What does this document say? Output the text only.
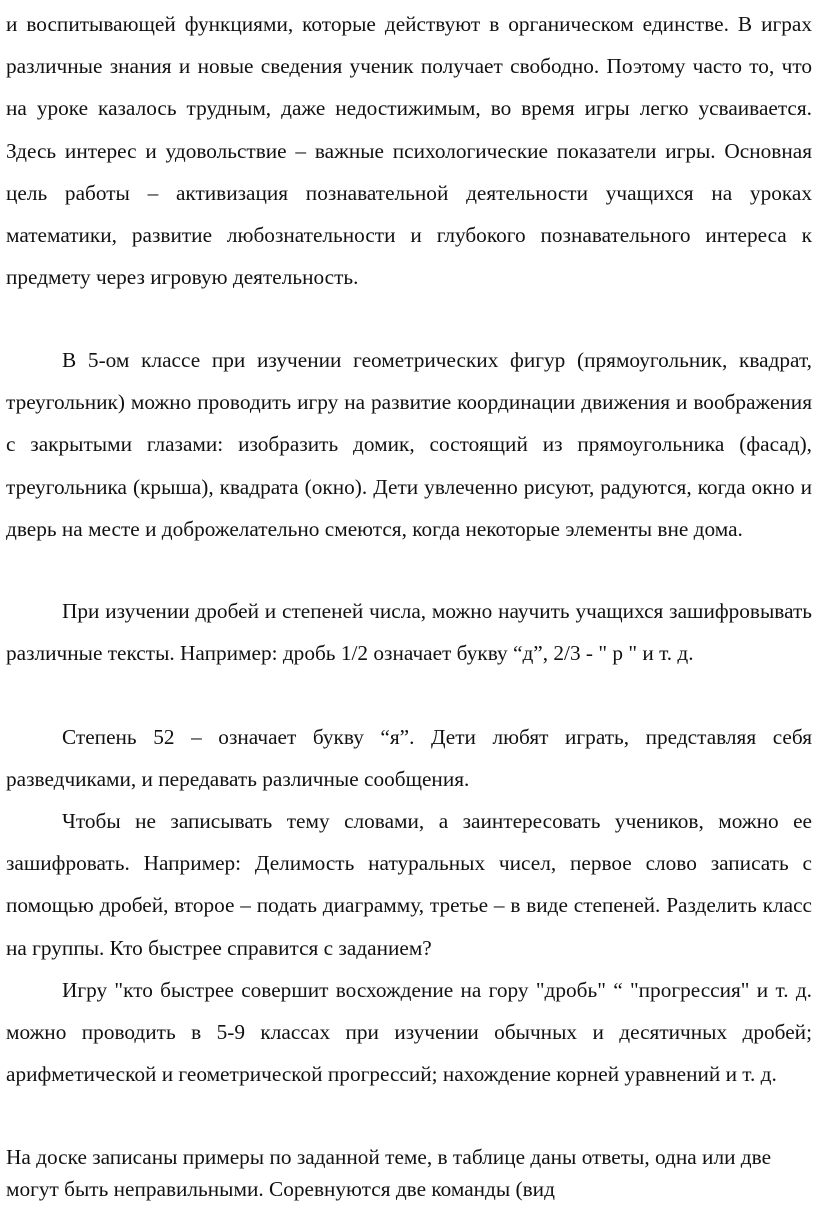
и воспитывающей функциями, которые действуют в органическом единстве. В играх различные знания и новые сведения ученик получает свободно. Поэтому часто то, что на уроке казалось трудным, даже недостижимым, во время игры легко усваивается. Здесь интерес и удовольствие – важные психологические показатели игры. Основная цель работы – активизация познавательной деятельности учащихся на уроках математики, развитие любознательности и глубокого познавательного интереса к предмету через игровую деятельность.

В 5-ом классе при изучении геометрических фигур (прямоугольник, квадрат, треугольник) можно проводить игру на развитие координации движения и воображения с закрытыми глазами: изобразить домик, состоящий из прямоугольника (фасад), треугольника (крыша), квадрата (окно). Дети увлеченно рисуют, радуются, когда окно и дверь на месте и доброжелательно смеются, когда некоторые элементы вне дома.

При изучении дробей и степеней числа, можно научить учащихся зашифровывать различные тексты. Например: дробь 1/2 означает букву “д”, 2/3 - " р " и т. д.

Степень 52 – означает букву “я”. Дети любят играть, представляя себя разведчиками, и передавать различные сообщения.

Чтобы не записывать тему словами, а заинтересовать учеников, можно ее зашифровать. Например: Делимость натуральных чисел, первое слово записать с помощью дробей, второе – подать диаграмму, третье – в виде степеней. Разделить класс на группы. Кто быстрее справится с заданием?

Игру "кто быстрее совершит восхождение на гору "дробь" “ "прогрессия" и т. д. можно проводить в 5-9 классах при изучении обычных и десятичных дробей; арифметической и геометрической прогрессий; нахождение корней уравнений и т. д.

На доске записаны примеры по заданной теме, в таблице даны ответы, одна или две могут быть неправильными. Соревнуются две команды (вид
